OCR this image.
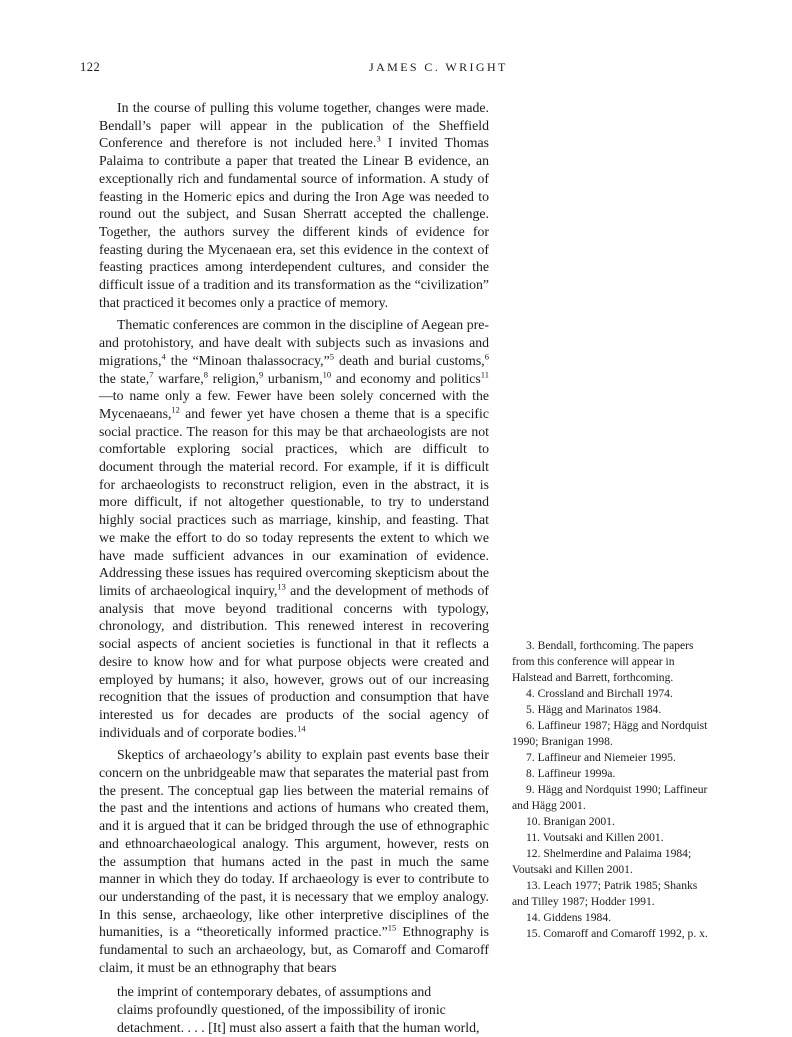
122	JAMES C. WRIGHT

In the course of pulling this volume together, changes were made. Bendall’s paper will appear in the publication of the Sheffield Conference and therefore is not included here.$^3$ I invited Thomas Palaima to contribute a paper that treated the Linear B evidence, an exceptionally rich and fundamental source of information. A study of feasting in the Homeric epics and during the Iron Age was needed to round out the subject, and Susan Sherratt accepted the challenge. Together, the authors survey the different kinds of evidence for feasting during the Mycenaean era, set this evidence in the context of feasting practices among interdependent cultures, and consider the difficult issue of a tradition and its transformation as the “civilization” that practiced it becomes only a practice of memory.

Thematic conferences are common in the discipline of Aegean pre- and protohistory, and have dealt with subjects such as invasions and migrations,$^4$ the “Minoan thalassocracy,”$^5$ death and burial customs,$^6$ the state,$^7$ warfare,$^8$ religion,$^9$ urbanism,$^{10}$ and economy and politics$^{11}$—to name only a few. Fewer have been solely concerned with the Mycenaeans,$^{12}$ and fewer yet have chosen a theme that is a specific social practice. The reason for this may be that archaeologists are not comfortable exploring social practices, which are difficult to document through the material record. For example, if it is difficult for archaeologists to reconstruct religion, even in the abstract, it is more difficult, if not altogether questionable, to try to understand highly social practices such as marriage, kinship, and feasting. That we make the effort to do so today represents the extent to which we have made sufficient advances in our examination of evidence. Addressing these issues has required overcoming skepticism about the limits of archaeological inquiry,$^{13}$ and the development of methods of analysis that move beyond traditional concerns with typology, chronology, and distribution. This renewed interest in recovering social aspects of ancient societies is functional in that it reflects a desire to know how and for what purpose objects were created and employed by humans; it also, however, grows out of our increasing recognition that the issues of production and consumption that have interested us for decades are products of the social agency of individuals and of corporate bodies.$^{14}$

Skeptics of archaeology’s ability to explain past events base their concern on the unbridgeable maw that separates the material past from the present. The conceptual gap lies between the material remains of the past and the intentions and actions of humans who created them, and it is argued that it can be bridged through the use of ethnographic and ethnoarchaeological analogy. This argument, however, rests on the assumption that humans acted in the past in much the same manner in which they do today. If archaeology is ever to contribute to our understanding of the past, it is necessary that we employ analogy. In this sense, archaeology, like other interpretive disciplines of the humanities, is a “theoretically informed practice.”$^{15}$ Ethnography is fundamental to such an archaeology, but, as Comaroff and Comaroff claim, it must be an ethnography that bears

the imprint of contemporary debates, of assumptions and

claims profoundly questioned, of the impossibility of ironic

detachment. . . . [It] must also assert a faith that the human world,

3. Bendall, forthcoming. The papers from this conference will appear in Halstead and Barrett, forthcoming.

4. Crossland and Birchall 1974.

5. Hägg and Marinatos 1984.

6. Laffineur 1987; Hägg and Nordquist 1990; Branigan 1998.

7. Laffineur and Niemeier 1995.

8. Laffineur 1999a.

9. Hägg and Nordquist 1990; Laffineur and Hägg 2001.

10. Branigan 2001.

11. Voutsaki and Killen 2001.

12. Shelmerdine and Palaima 1984; Voutsaki and Killen 2001.

13. Leach 1977; Patrik 1985; Shanks and Tilley 1987; Hodder 1991.

14. Giddens 1984.

15. Comaroff and Comaroff 1992, p. x.
